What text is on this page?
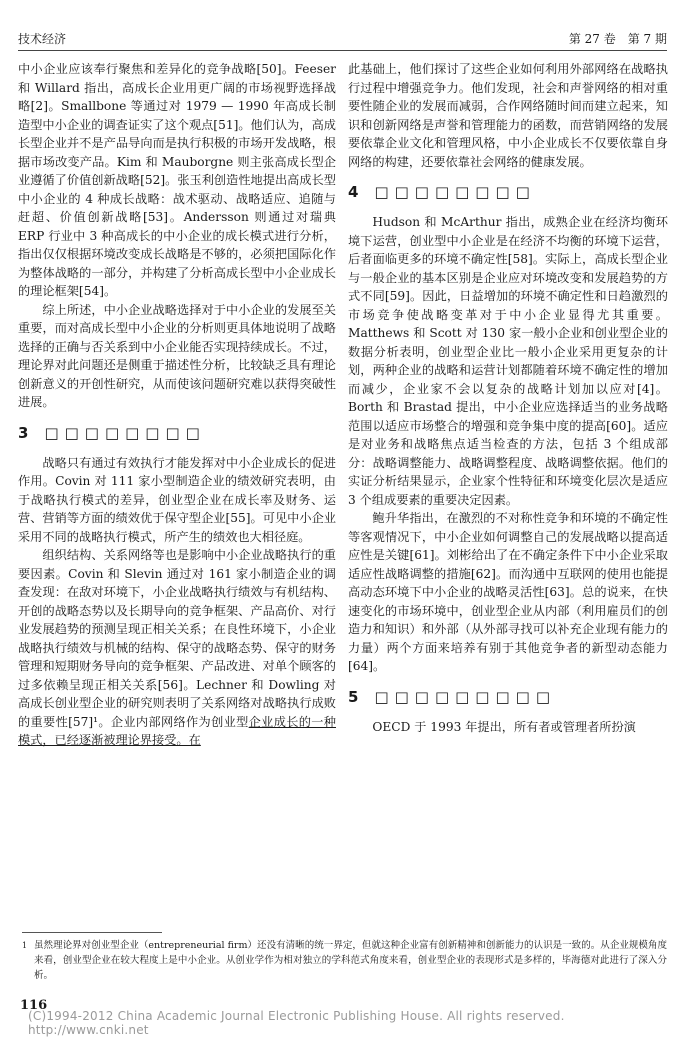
技术经济	第 27 卷　第 7 期

中小企业应该奉行聚焦和差异化的竞争战略[50]。Feeser 和 Willard 指出，高成长企业用更广阔的市场视野选择战略[2]。Smallbone 等通过对 1979 — 1990 年高成长制造型中小企业的调查证实了这个观点[51]。他们认为，高成长型企业并不是产品导向而是执行积极的市场开发战略，根据市场改变产品。Kim 和 Mauborgne 则主张高成长型企业遵循了价值创新战略[52]。张玉利创造性地提出高成长型中小企业的 4 种成长战略：战术驱动、战略适应、追随与赶超、价值创新战略[53]。Andersson 则通过对瑞典 ERP 行业中 3 种高成长的中小企业的成长模式进行分析，指出仅仅根据环境改变成长战略是不够的，必须把国际化作为整体战略的一部分，并构建了分析高成长型中小企业成长的理论框架[54]。

综上所述，中小企业战略选择对于中小企业的发展至关重要，而对高成长型中小企业的分析则更具体地说明了战略选择的正确与否关系到中小企业能否实现持续成长。不过，理论界对此问题还是侧重于描述性分析，比较缺乏具有理论创新意义的开创性研究，从而使该问题研究难以获得突破性进展。

3 □□□□□□□□

战略只有通过有效执行才能发挥对中小企业成长的促进作用。Covin 对 111 家小型制造企业的绩效研究表明，由于战略执行模式的差异，创业型企业在成长率及财务、运营、营销等方面的绩效优于保守型企业[55]。可见中小企业采用不同的战略执行模式，所产生的绩效也大相径庭。

组织结构、关系网络等也是影响中小企业战略执行的重要因素。Covin 和 Slevin 通过对 161 家小制造企业的调查发现：在敌对环境下，小企业战略执行绩效与有机结构、开创的战略态势以及长期导向的竞争框架、产品高价、对行业发展趋势的预测呈现正相关关系；在良性环境下，小企业战略执行绩效与机械的结构、保守的战略态势、保守的财务管理和短期财务导向的竞争框架、产品改进、对单个顾客的过多依赖呈现正相关关系[56]。Lechner 和 Dowling 对高成长创业型企业的研究则表明了关系网络对战略执行成败的重要性[57]¹。企业内部网络作为创业型企业成长的一种模式，已经逐渐被理论界接受。在

此基础上，他们探讨了这些企业如何利用外部网络在战略执行过程中增强竞争力。他们发现，社会和声誉网络的相对重要性随企业的发展而减弱，合作网络随时间而建立起来，知识和创新网络是声誉和管理能力的函数，而营销网络的发展要依靠企业文化和管理风格，中小企业成长不仅要依靠自身网络的构建，还要依靠社会网络的健康发展。

4 □□□□□□□□

Hudson 和 McArthur 指出，成熟企业在经济均衡环境下运营，创业型中小企业是在经济不均衡的环境下运营，后者面临更多的环境不确定性[58]。实际上，高成长型企业与一般企业的基本区别是企业应对环境改变和发展趋势的方式不同[59]。因此，日益增加的环境不确定性和日趋激烈的市场竞争使战略变革对于中小企业显得尤其重要。Matthews 和 Scott 对 130 家一般小企业和创业型企业的数据分析表明，创业型企业比一般小企业采用更复杂的计划，两种企业的战略和运营计划都随着环境不确定性的增加而减少，企业家不会以复杂的战略计划加以应对[4]。Borth 和 Brastad 提出，中小企业应选择适当的业务战略范围以适应市场整合的增强和竞争集中度的提高[60]。适应是对业务和战略焦点适当检查的方法，包括 3 个组成部分：战略调整能力、战略调整程度、战略调整依据。他们的实证分析结果显示，企业家个性特征和环境变化层次是适应 3 个组成要素的重要决定因素。

鲍升华指出，在激烈的不对称性竞争和环境的不确定性等客观情况下，中小企业如何调整自己的发展战略以提高适应性是关键[61]。刘彬给出了在不确定条件下中小企业采取适应性战略调整的措施[62]。而沟通中互联网的使用也能提高动态环境下中小企业的战略灵活性[63]。总的说来，在快速变化的市场环境中，创业型企业从内部（利用雇员们的创造力和知识）和外部（从外部寻找可以补充企业现有能力的力量）两个方面来培养有别于其他竞争者的新型动态能力[64]。

5 □□□□□□□□□

OECD 于 1993 年提出，所有者或管理者所扮演

1 虽然理论界对创业型企业（entrepreneurial firm）还没有清晰的统一界定，但就这种企业富有创新精神和创新能力的认识是一致的。从企业规模角度来看，创业型企业在较大程度上是中小企业。从创业学作为相对独立的学科范式角度来看，创业型企业的表现形式是多样的，毕海德对此进行了深入分析。
116
(C)1994-2012 China Academic Journal Electronic Publishing House. All rights reserved. http://www.cnki.net
